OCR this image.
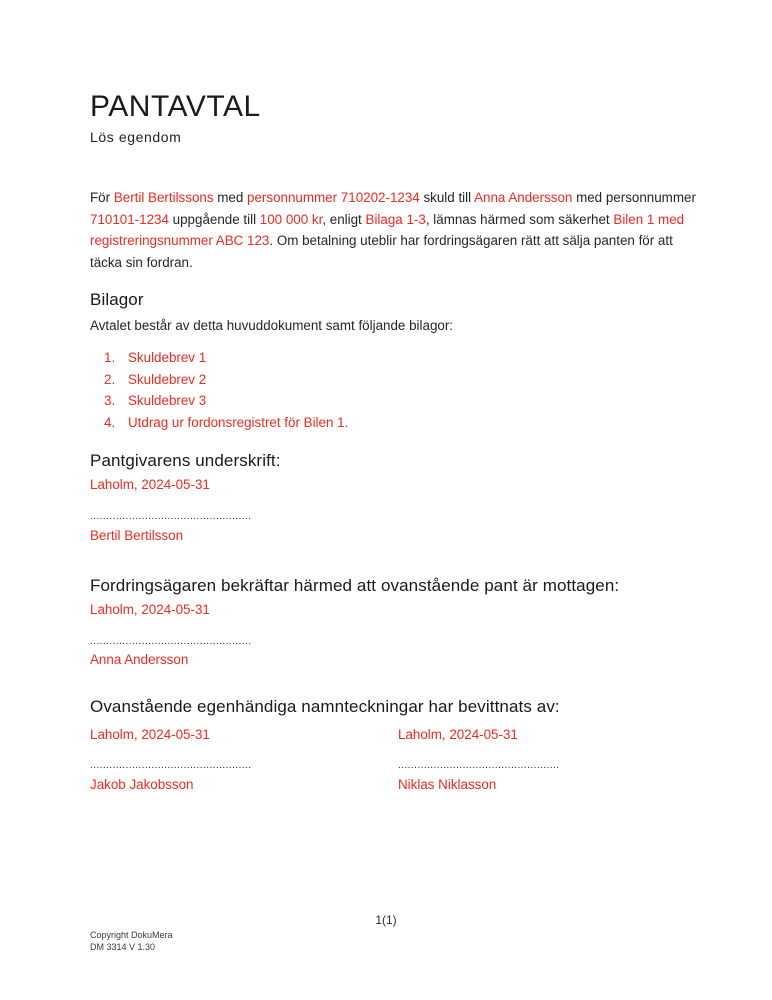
PANTAVTAL
Lös egendom

För Bertil Bertilssons med personnummer 710202-1234 skuld till Anna Andersson med personnummer 710101-1234 uppgående till 100 000 kr, enligt Bilaga 1-3, lämnas härmed som säkerhet Bilen 1 med registreringsnummer ABC 123. Om betalning uteblir har fordringsägaren rätt att sälja panten för att täcka sin fordran.

Bilagor
Avtalet består av detta huvuddokument samt följande bilagor:
1. Skuldebrev 1
2. Skuldebrev 2
3. Skuldebrev 3
4. Utdrag ur fordonsregistret för Bilen 1.
Pantgivarens underskrift:
Laholm, 2024-05-31
..................................................
Bertil Bertilsson
Fordringsägaren bekräftar härmed att ovanstående pant är mottagen:
Laholm, 2024-05-31
..................................................
Anna Andersson
Ovanstående egenhändiga namnteckningar har bevittnats av:
Laholm, 2024-05-31	Laholm, 2024-05-31
..................................................	..................................................
Jakob Jakobsson	Niklas Niklasson
1(1)
Copyright DokuMera
DM 3314 V 1.30
